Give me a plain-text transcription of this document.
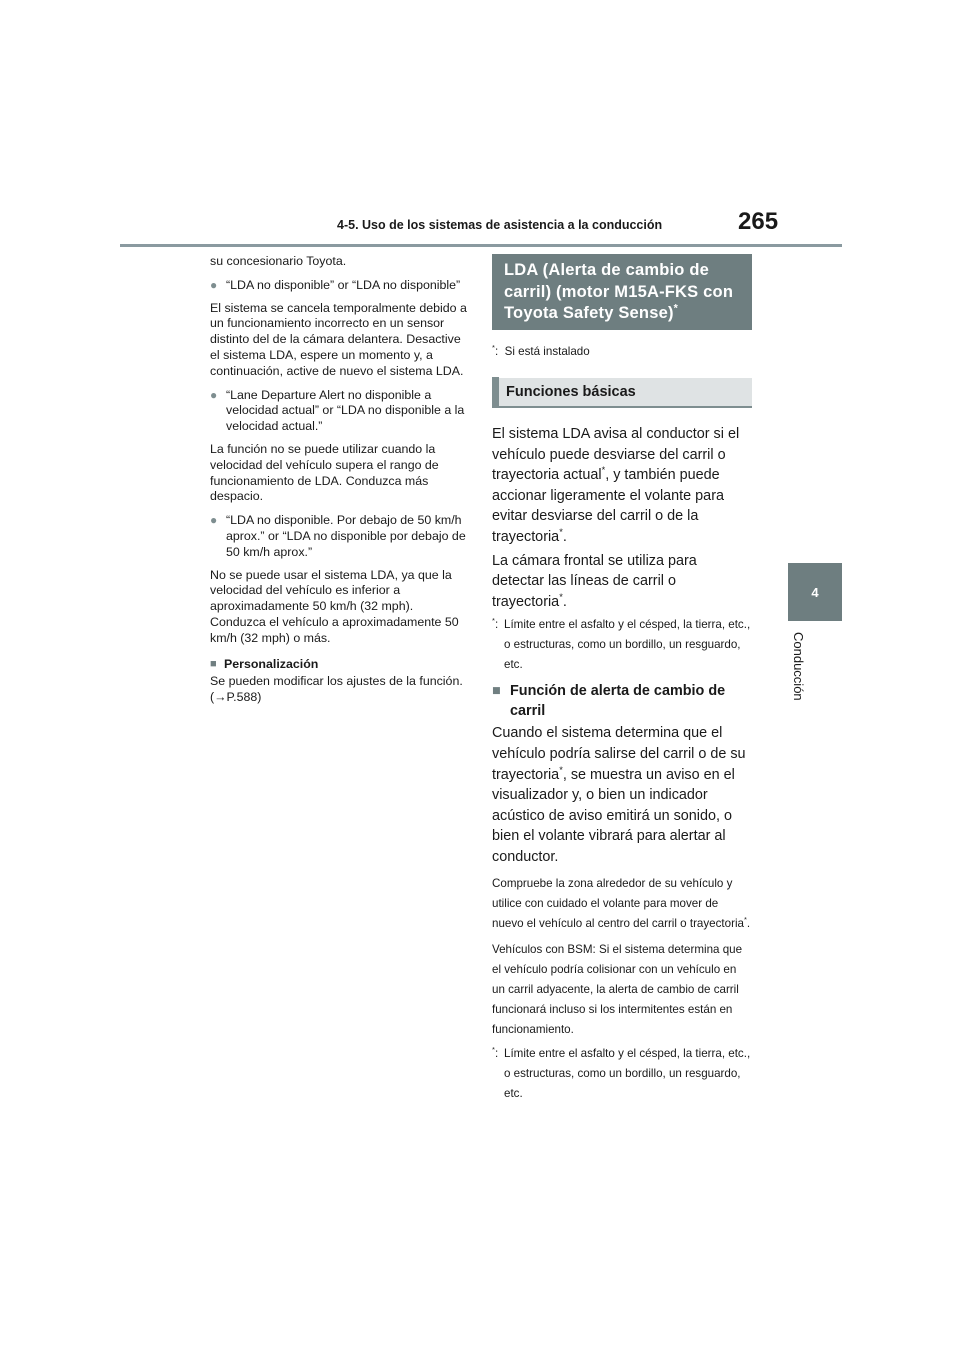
4-5. Uso de los sistemas de asistencia a la conducción	265
4
Conducción

su concesionario Toyota.

● “LDA no disponible” or “LDA no disponible”

El sistema se cancela temporalmente debido a un funcionamiento incorrecto en un sensor distinto del de la cámara delantera. Desactive el sistema LDA, espere un momento y, a continuación, active de nuevo el sistema LDA.

● “Lane Departure Alert no disponible a velocidad actual” or “LDA no disponible a la velocidad actual.”

La función no se puede utilizar cuando la velocidad del vehículo supera el rango de funcionamiento de LDA. Conduzca más despacio.

● “LDA no disponible. Por debajo de 50 km/h aprox.” or “LDA no disponible por debajo de 50 km/h aprox.”

No se puede usar el sistema LDA, ya que la velocidad del vehículo es inferior a aproximadamente 50 km/h (32 mph). Conduzca el vehículo a aproximadamente 50 km/h (32 mph) o más.

■ Personalización

Se pueden modificar los ajustes de la función. (→P.588)

LDA (Alerta de cambio de carril) (motor M15A-FKS con Toyota Safety Sense)*
*: Si está instalado
Funciones básicas

El sistema LDA avisa al conductor si el vehículo puede desviarse del carril o trayectoria actual*, y también puede accionar ligeramente el volante para evitar desviarse del carril o de la trayectoria*.

La cámara frontal se utiliza para detectar las líneas de carril o trayectoria*.

*: Límite entre el asfalto y el césped, la tierra, etc., o estructuras, como un bordillo, un resguardo, etc.
■ Función de alerta de cambio de carril

Cuando el sistema determina que el vehículo podría salirse del carril o de su trayectoria*, se muestra un aviso en el visualizador y, o bien un indicador acústico de aviso emitirá un sonido, o bien el volante vibrará para alertar al conductor.

Compruebe la zona alrededor de su vehículo y utilice con cuidado el volante para mover de nuevo el vehículo al centro del carril o trayectoria*.
Vehículos con BSM: Si el sistema determina que el vehículo podría colisionar con un vehículo en un carril adyacente, la alerta de cambio de carril funcionará incluso si los intermitentes están en funcionamiento.
*: Límite entre el asfalto y el césped, la tierra, etc., o estructuras, como un bordillo, un resguardo, etc.
